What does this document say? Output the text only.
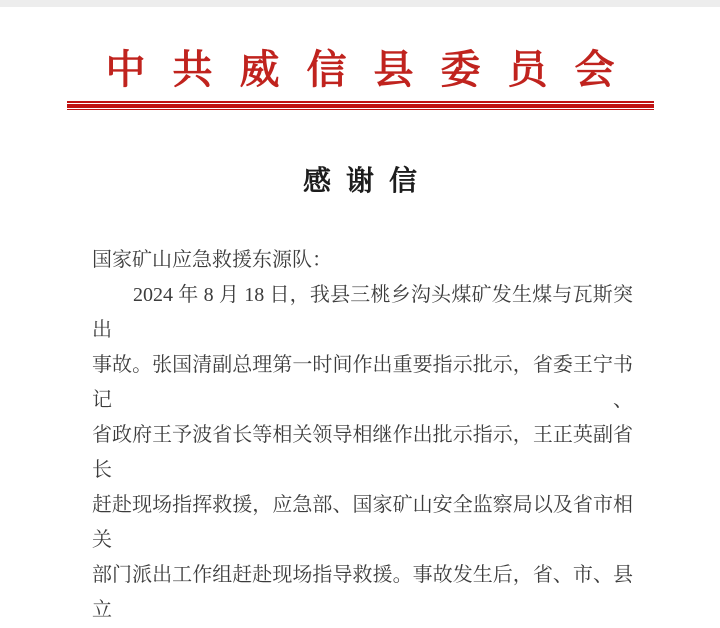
中共威信县委员会
感谢信
国家矿山应急救援东源队：
2024 年 8 月 18 日，我县三桃乡沟头煤矿发生煤与瓦斯突出
事故。张国清副总理第一时间作出重要指示批示，省委王宁书记、
省政府王予波省长等相关领导相继作出批示指示，王正英副省长
赶赴现场指挥救援，应急部、国家矿山安全监察局以及省市相关
部门派出工作组赶赴现场指导救援。事故发生后，省、市、县立
